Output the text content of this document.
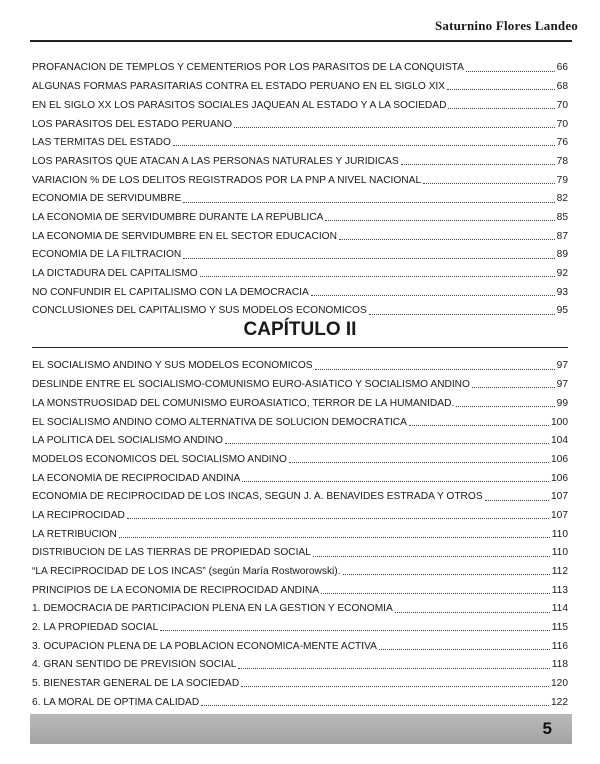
Saturnino Flores Landeo
PROFANACIÓN DE TEMPLOS Y CEMENTERIOS POR LOS PARÁSITOS DE LA CONQUISTA	66
ALGUNAS FORMAS PARASITARIAS CONTRA EL ESTADO PERUANO EN EL SIGLO XIX	68
EN EL SIGLO XX LOS PARÁSITOS SOCIALES JAQUEAN AL ESTADO Y A LA SOCIEDAD	70
LOS PARÁSITOS DEL ESTADO PERUANO	70
LAS TERMITAS DEL ESTADO	76
LOS PARÁSITOS QUE ATACAN A LAS PERSONAS NATURALES Y JURÍDICAS	78
VARIACIÓN % DE LOS DELITOS REGISTRADOS POR LA PNP A NIVEL NACIONAL	79
ECONOMÍA DE SERVIDUMBRE	82
LA ECONOMÍA DE SERVIDUMBRE DURANTE LA REPÚBLICA	85
LA ECONOMÍA DE SERVIDUMBRE EN EL SECTOR EDUCACIÓN	87
ECONOMÍA DE LA FILTRACIÓN	89
LA DICTADURA DEL CAPITALISMO	92
NO CONFUNDIR EL CAPITALISMO CON LA DEMOCRACIA	93
CONCLUSIONES DEL CAPITALISMO Y SUS MODELOS ECONÓMICOS	95
CAPÍTULO II
EL SOCIALISMO ANDINO Y SUS MODELOS ECONÓMICOS	97
DESLINDE ENTRE EL SOCIALISMO-COMUNISMO EURO-ASIÁTICO Y SOCIALISMO ANDINO	97
LA MONSTRUOSIDAD DEL COMUNISMO EUROASIÁTICO, TERROR DE LA HUMANIDAD.	99
EL SOCIALISMO ANDINO COMO ALTERNATIVA DE SOLUCIÓN DEMOCRÁTICA	100
LA POLÍTICA DEL SOCIALISMO ANDINO	104
MODELOS ECONÓMICOS DEL SOCIALISMO ANDINO	106
LA ECONOMÍA DE RECIPROCIDAD ANDINA	106
ECONOMÍA DE RECIPROCIDAD DE LOS INCAS, SEGÚN J. A. BENAVIDES ESTRADA Y OTROS	107
LA RECIPROCIDAD	107
LA RETRIBUCIÓN	110
DISTRIBUCIÓN DE LAS TIERRAS DE PROPIEDAD SOCIAL	110
“LA RECIPROCIDAD DE LOS INCAS” (según María Rostworowski).	112
PRINCIPIOS DE LA ECONOMÍA DE RECIPROCIDAD ANDINA	113
1. DEMOCRACIA DE PARTICIPACIÓN PLENA EN LA GESTIÓN Y ECONOMÍA	114
2. LA PROPIEDAD SOCIAL	115
3. OCUPACIÓN PLENA DE LA POBLACIÓN ECONÓMICA-MENTE ACTIVA	116
4. GRAN SENTIDO DE PREVISIÓN SOCIAL	118
5. BIENESTAR GENERAL DE LA SOCIEDAD	120
6. LA MORAL DE ÓPTIMA CALIDAD	122
5
